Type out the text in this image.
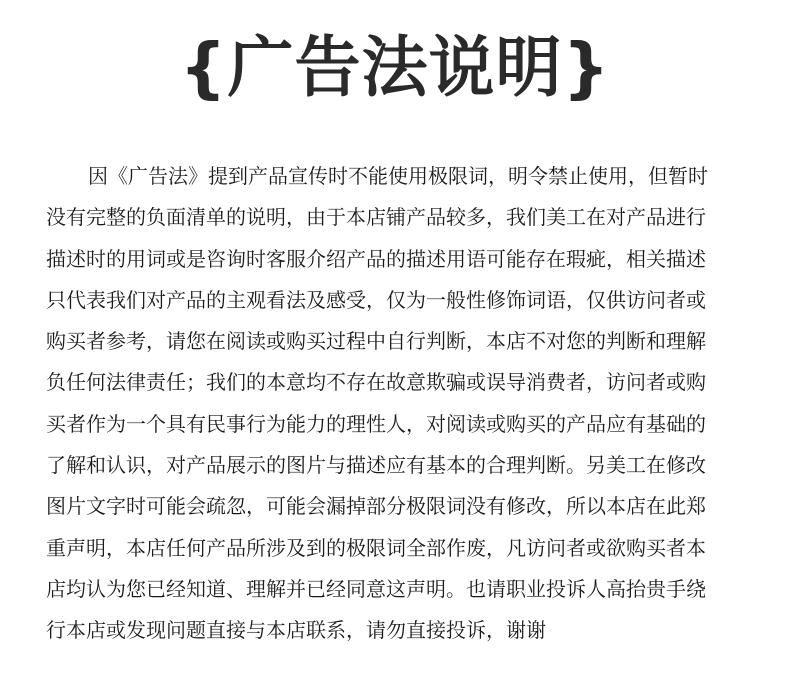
{广告法说明}
因《广告法》提到产品宣传时不能使用极限词，明令禁止使用，但暂时
没有完整的负面清单的说明，由于本店铺产品较多，我们美工在对产品进行
描述时的用词或是咨询时客服介绍产品的描述用语可能存在瑕疵，相关描述
只代表我们对产品的主观看法及感受，仅为一般性修饰词语，仅供访问者或
购买者参考，请您在阅读或购买过程中自行判断，本店不对您的判断和理解
负任何法律责任；我们的本意均不存在故意欺骗或误导消费者，访问者或购
买者作为一个具有民事行为能力的理性人，对阅读或购买的产品应有基础的
了解和认识，对产品展示的图片与描述应有基本的合理判断。另美工在修改
图片文字时可能会疏忽，可能会漏掉部分极限词没有修改，所以本店在此郑
重声明，本店任何产品所涉及到的极限词全部作废，凡访问者或欲购买者本
店均认为您已经知道、理解并已经同意这声明。也请职业投诉人高抬贵手绕
行本店或发现问题直接与本店联系，请勿直接投诉，谢谢
